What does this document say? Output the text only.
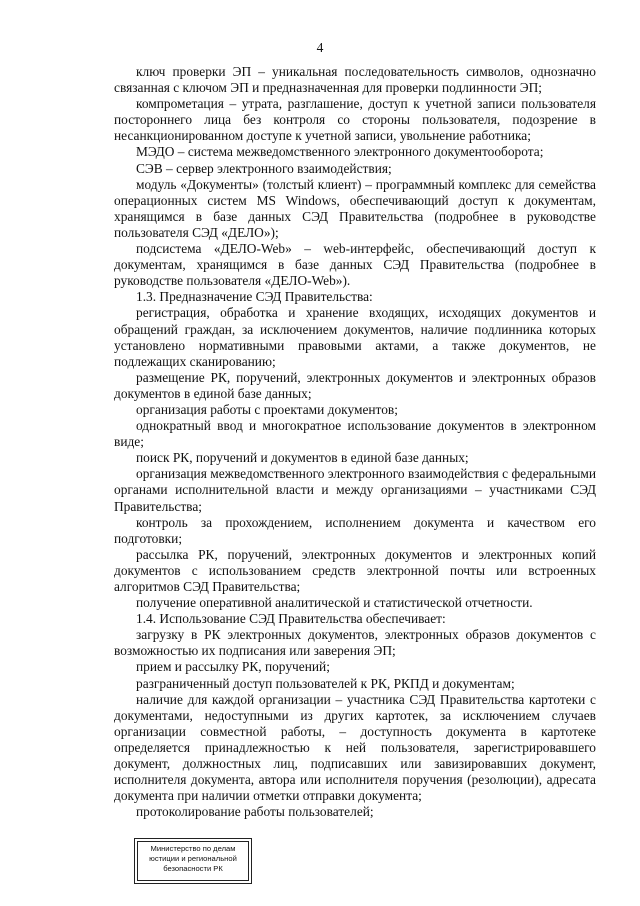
4

ключ проверки ЭП – уникальная последовательность символов, однозначно связанная с ключом ЭП и предназначенная для проверки подлинности ЭП;

компрометация – утрата, разглашение, доступ к учетной записи пользователя постороннего лица без контроля со стороны пользователя, подозрение в несанкционированном доступе к учетной записи, увольнение работника;

МЭДО – система межведомственного электронного документооборота;

СЭВ – сервер электронного взаимодействия;

модуль «Документы» (толстый клиент) – программный комплекс для семейства операционных систем MS Windows, обеспечивающий доступ к документам, хранящимся в базе данных СЭД Правительства (подробнее в руководстве пользователя СЭД «ДЕЛО»);

подсистема «ДЕЛО-Web» – web-интерфейс, обеспечивающий доступ к документам, хранящимся в базе данных СЭД Правительства (подробнее в руководстве пользователя «ДЕЛО-Web»).

1.3. Предназначение СЭД Правительства:

регистрация, обработка и хранение входящих, исходящих документов и обращений граждан, за исключением документов, наличие подлинника которых установлено нормативными правовыми актами, а также документов, не подлежащих сканированию;

размещение РК, поручений, электронных документов и электронных образов документов в единой базе данных;

организация работы с проектами документов;

однократный ввод и многократное использование документов в электронном виде;

поиск РК, поручений и документов в единой базе данных;

организация межведомственного электронного взаимодействия с федеральными органами исполнительной власти и между организациями – участниками СЭД Правительства;

контроль за прохождением, исполнением документа и качеством его подготовки;

рассылка РК, поручений, электронных документов и электронных копий документов с использованием средств электронной почты или встроенных алгоритмов СЭД Правительства;

получение оперативной аналитической и статистической отчетности.

1.4. Использование СЭД Правительства обеспечивает:

загрузку в РК электронных документов, электронных образов документов с возможностью их подписания или заверения ЭП;

прием и рассылку РК, поручений;

разграниченный доступ пользователей к РК, РКПД и документам;

наличие для каждой организации – участника СЭД Правительства картотеки с документами, недоступными из других картотек, за исключением случаев организации совместной работы, – доступность документа в картотеке определяется принадлежностью к ней пользователя, зарегистрировавшего документ, должностных лиц, подписавших или завизировавших документ, исполнителя документа, автора или исполнителя поручения (резолюции), адресата документа при наличии отметки отправки документа;

протоколирование работы пользователей;

Министерство по делам
юстиции и региональной
безопасности РК
